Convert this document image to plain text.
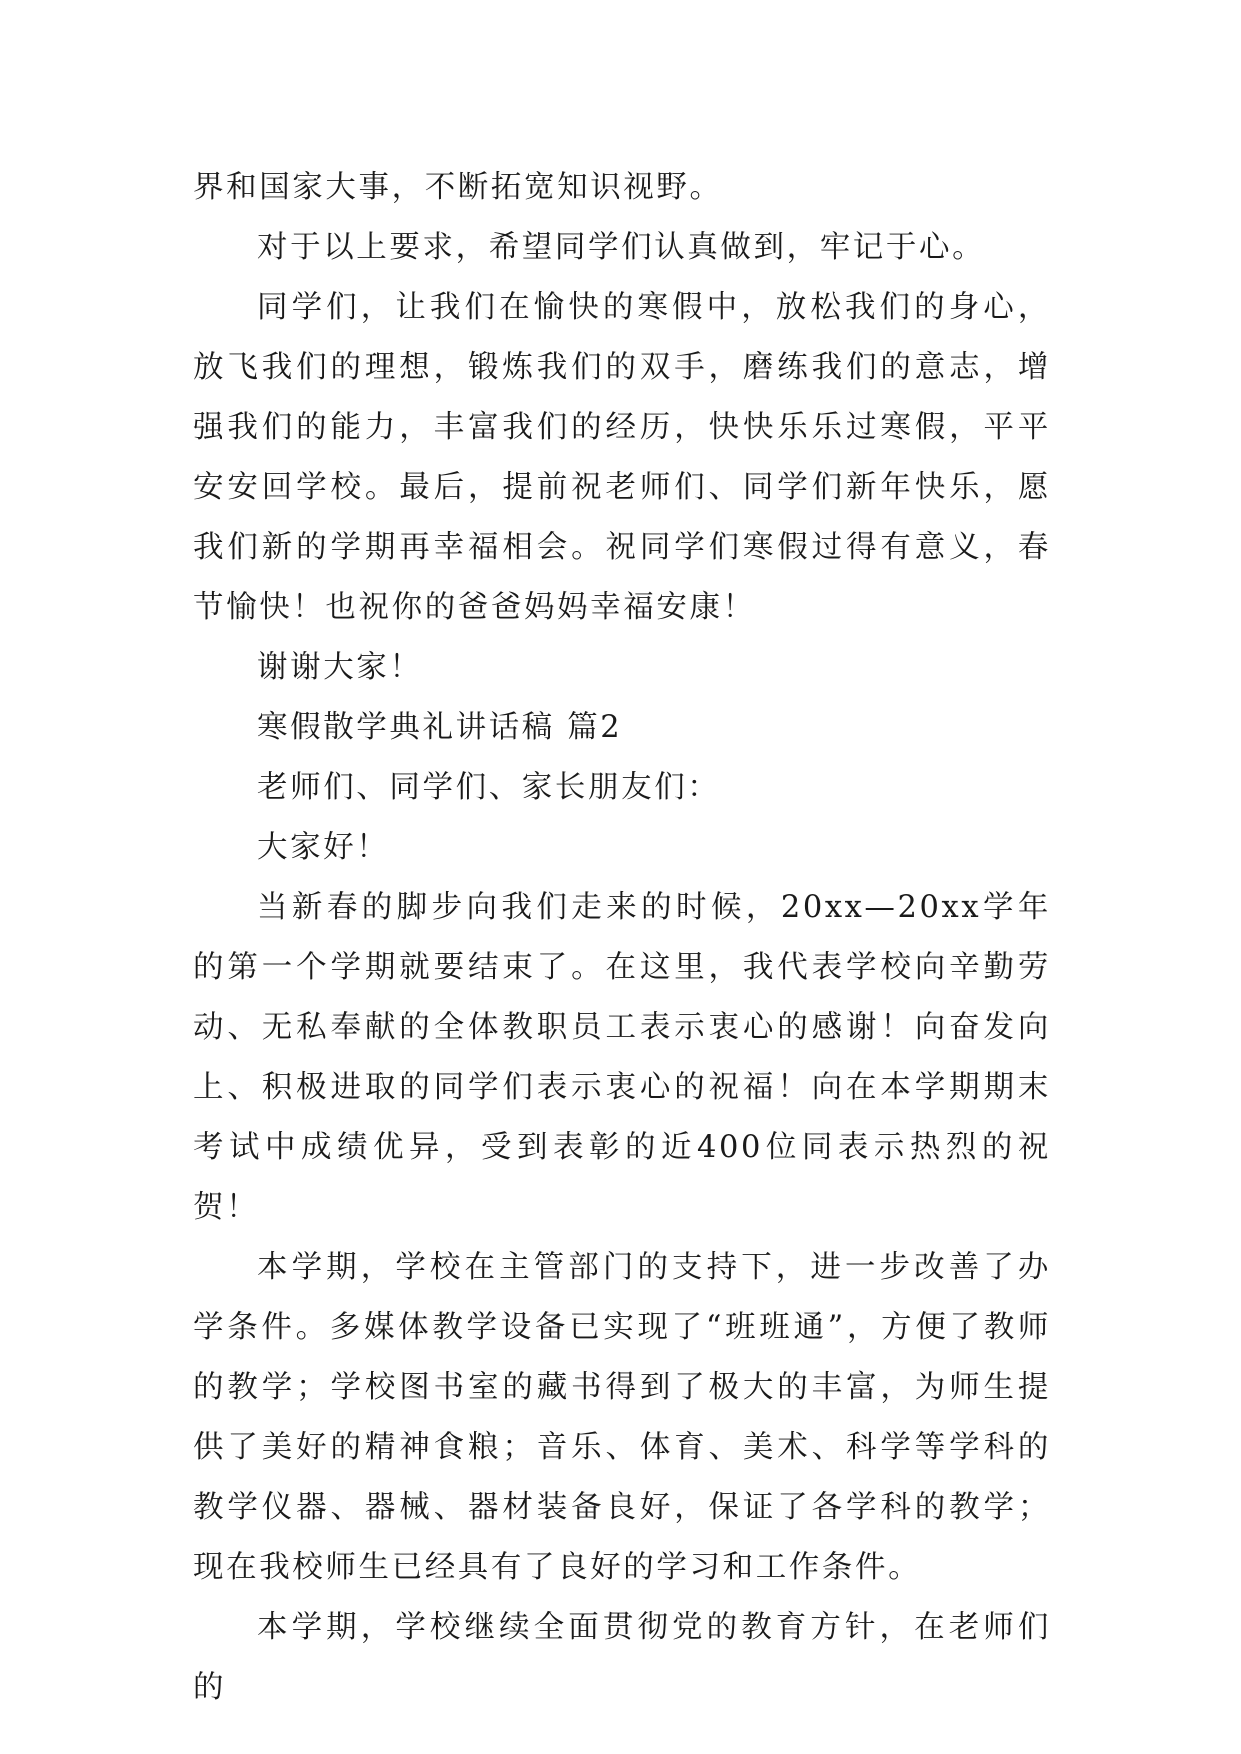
界和国家大事，不断拓宽知识视野。

对于以上要求，希望同学们认真做到，牢记于心。

同学们，让我们在愉快的寒假中，放松我们的身心，放飞我们的理想，锻炼我们的双手，磨练我们的意志，增强我们的能力，丰富我们的经历，快快乐乐过寒假，平平安安回学校。最后，提前祝老师们、同学们新年快乐，愿我们新的学期再幸福相会。祝同学们寒假过得有意义，春节愉快！也祝你的爸爸妈妈幸福安康！

谢谢大家！

寒假散学典礼讲话稿 篇2

老师们、同学们、家长朋友们：

大家好！

当新春的脚步向我们走来的时候，20xx—20xx学年的第一个学期就要结束了。在这里，我代表学校向辛勤劳动、无私奉献的全体教职员工表示衷心的感谢！向奋发向上、积极进取的同学们表示衷心的祝福！向在本学期期末考试中成绩优异，受到表彰的近400位同表示热烈的祝贺！

本学期，学校在主管部门的支持下，进一步改善了办学条件。多媒体教学设备已实现了“班班通”，方便了教师的教学；学校图书室的藏书得到了极大的丰富，为师生提供了美好的精神食粮；音乐、体育、美术、科学等学科的教学仪器、器械、器材装备良好，保证了各学科的教学；现在我校师生已经具有了良好的学习和工作条件。

本学期，学校继续全面贯彻党的教育方针，在老师们的
